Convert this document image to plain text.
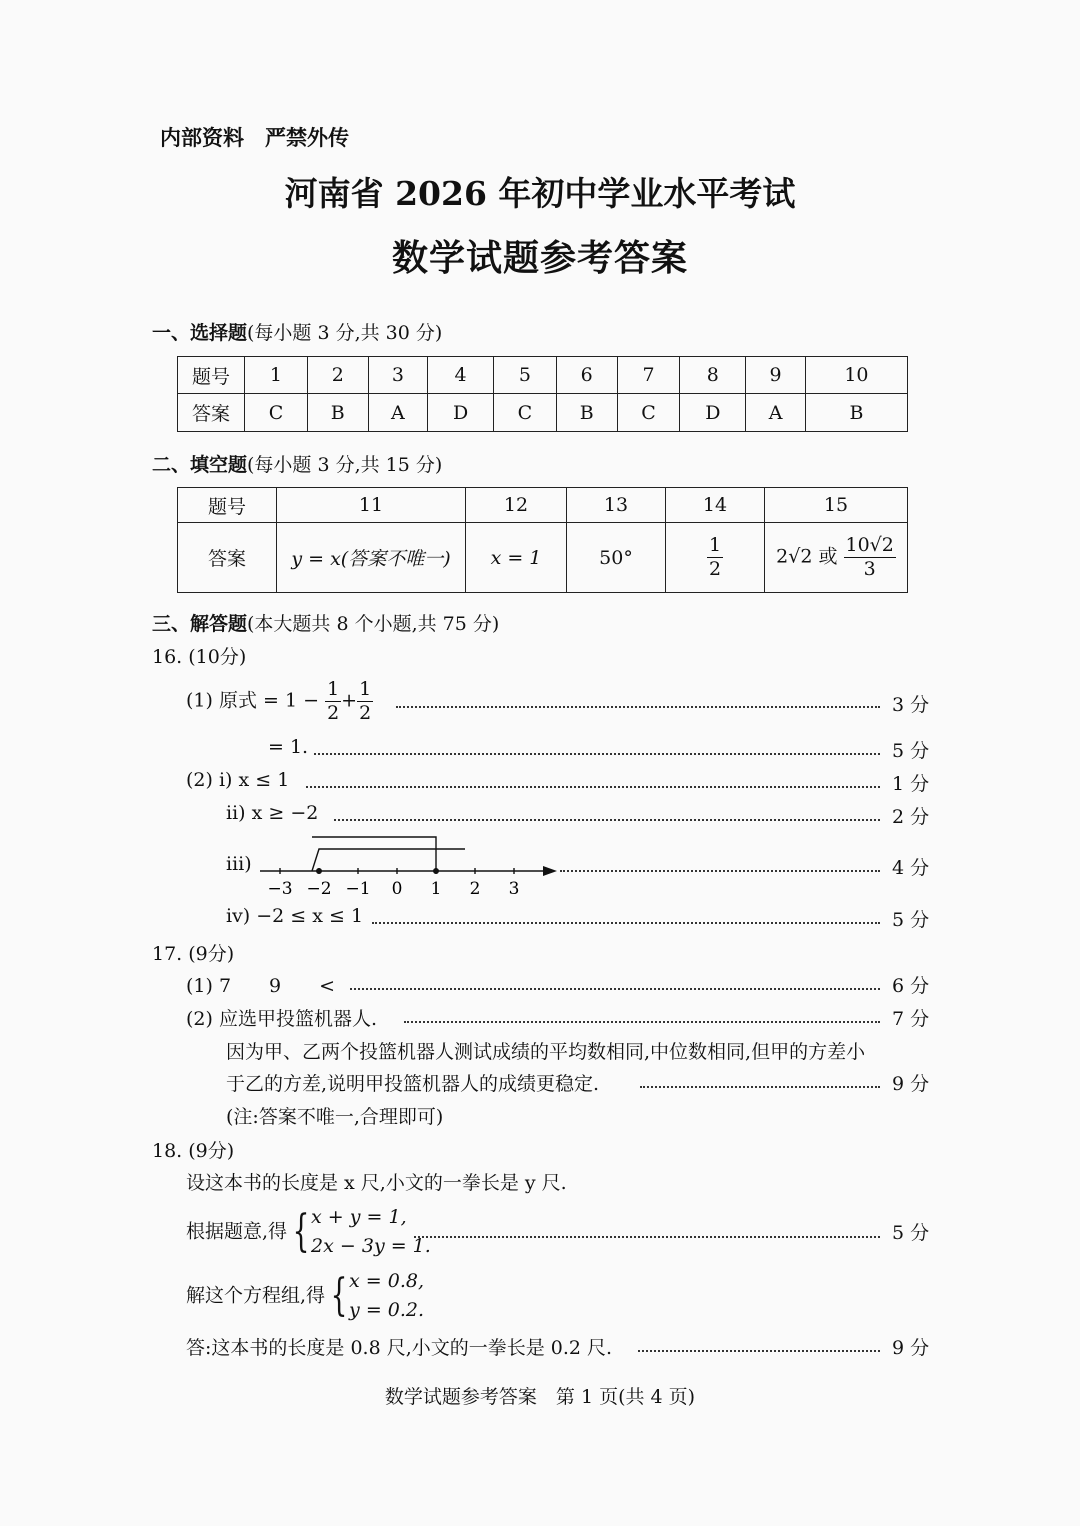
内部资料　严禁外传
河南省 2026 年初中学业水平考试
数学试题参考答案
一、选择题(每小题 3 分,共 30 分)
题号	1	2	3	4	5	6	7	8	9	10
答案	C	B	A	D	C	B	C	D	A	B
二、填空题(每小题 3 分,共 15 分)
题号	11	12	13	14	15
答案	y = x(答案不唯一)	x = 1	50°	$\frac{1}{2}$	2√2 或 $\frac{10√2}{3}$
三、解答题(本大题共 8 个小题,共 75 分)
16. (10分)
(1) 原式 = $1 - \frac{1}{2} + \frac{1}{2}$	3 分
= 1.	5 分
(2) ⅰ) x ≤ 1	1 分
ⅱ) x ≥ −2	2 分
ⅲ)
−3 −2 −1 0 1 2 3
4 分
ⅳ) −2 ≤ x ≤ 1	5 分
17. (9分)
(1) 7　　9　　<	6 分
(2) 应选甲投篮机器人.	7 分
因为甲、乙两个投篮机器人测试成绩的平均数相同,中位数相同,但甲的方差小
于乙的方差,说明甲投篮机器人的成绩更稳定.	9 分
(注:答案不唯一,合理即可)
18. (9分)
设这本书的长度是 x 尺,小文的一拳长是 y 尺.
根据题意,得 { x + y = 1,
2x − 3y = 1.
5 分
解这个方程组,得 { x = 0.8,
y = 0.2.
答:这本书的长度是 0.8 尺,小文的一拳长是 0.2 尺.	9 分
数学试题参考答案　第 1 页(共 4 页)
